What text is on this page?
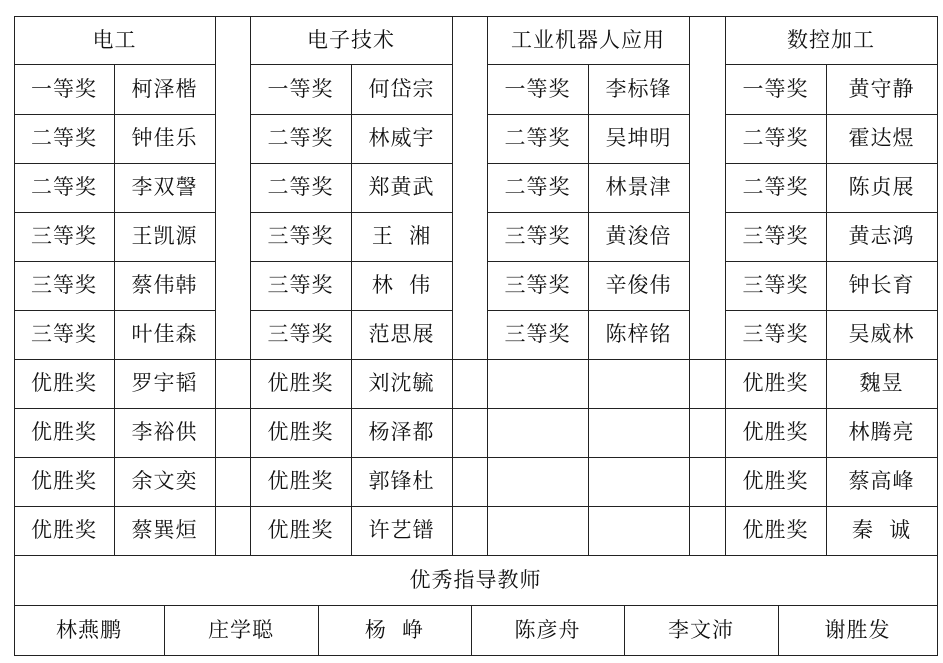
电工
一等奖	柯泽楷
二等奖	钟佳乐
二等奖	李双謦
三等奖	王凯源
三等奖	蔡伟韩
三等奖	叶佳森
优胜奖	罗宇韬
优胜奖	李裕供
优胜奖	余文奕
优胜奖	蔡巽烜
电子技术
一等奖	何岱宗
二等奖	林威宇
二等奖	郑黄武
三等奖	王  湘
三等奖	林  伟
三等奖	范思展
优胜奖	刘沈毓
优胜奖	杨泽都
优胜奖	郭锋杜
优胜奖	许艺镨
工业机器人应用
一等奖	李标锋
二等奖	吴坤明
二等奖	林景津
三等奖	黄浚倍
三等奖	辛俊伟
三等奖	陈梓铭
数控加工
一等奖	黄守静
二等奖	霍达煜
二等奖	陈贞展
三等奖	黄志鸿
三等奖	钟长育
三等奖	吴威林
优胜奖	魏昱
优胜奖	林腾亮
优胜奖	蔡高峰
优胜奖	秦  诚
优秀指导教师
林燕鹏	庄学聪	杨  峥	陈彦舟	李文沛	谢胜发
